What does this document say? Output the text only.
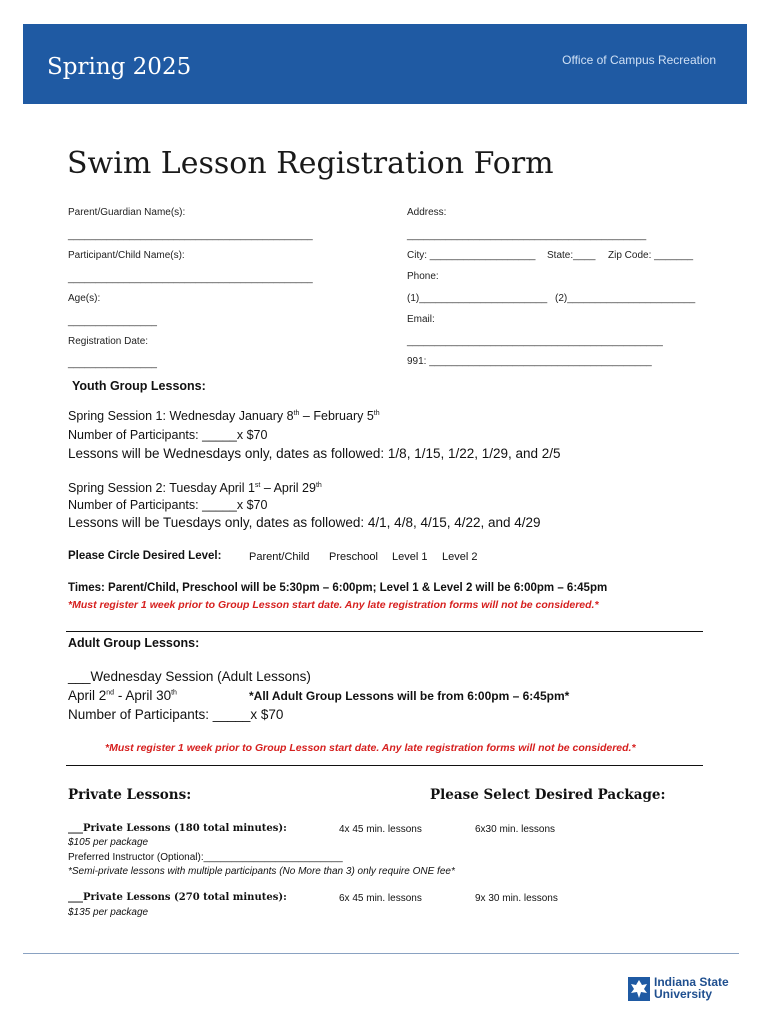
Spring 2025	Office of Campus Recreation
Swim Lesson Registration Form
Parent/Guardian Name(s):
____________________________________________
Participant/Child Name(s):
____________________________________________
Age(s):
________________
Registration Date:
________________
Address:
___________________________________________
City: ___________________ State:____ Zip Code: _______
Phone:
(1)_______________________ (2)_______________________
Email:
______________________________________________
991: ________________________________________
Youth Group Lessons:
Spring Session 1: Wednesday January 8th – February 5th
Number of Participants: _____x $70
Lessons will be Wednesdays only, dates as followed: 1/8, 1/15, 1/22, 1/29, and 2/5
Spring Session 2: Tuesday April 1st – April 29th
Number of Participants: _____x $70
Lessons will be Tuesdays only, dates as followed: 4/1, 4/8, 4/15, 4/22, and 4/29
Please Circle Desired Level:	Parent/Child Preschool Level 1 Level 2
Times: Parent/Child, Preschool will be 5:30pm – 6:00pm; Level 1 & Level 2 will be 6:00pm – 6:45pm
*Must register 1 week prior to Group Lesson start date. Any late registration forms will not be considered.*
Adult Group Lessons:
___Wednesday Session (Adult Lessons)
April 2nd - April 30th	*All Adult Group Lessons will be from 6:00pm – 6:45pm*
Number of Participants: _____x $70
*Must register 1 week prior to Group Lesson start date. Any late registration forms will not be considered.*
Private Lessons:	Please Select Desired Package:
___Private Lessons (180 total minutes):	4x 45 min. lessons	6x30 min. lessons
$105 per package
Preferred Instructor (Optional):_________________________
*Semi-private lessons with multiple participants (No More than 3) only require ONE fee*
___Private Lessons (270 total minutes):	6x 45 min. lessons	9x 30 min. lessons
$135 per package
Indiana State
University
